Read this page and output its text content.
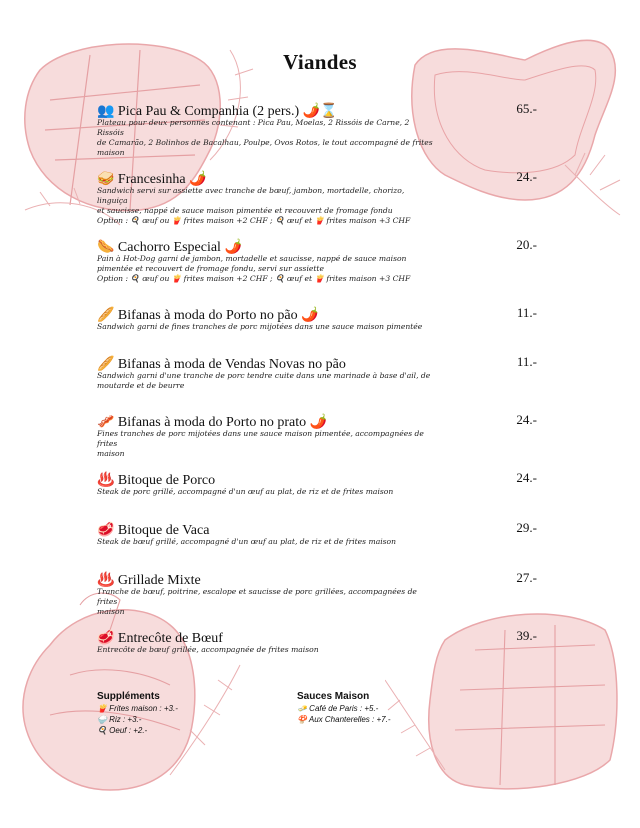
Viandes
👥 Pica Pau & Companhia (2 pers.) 🌶️⌛	65.-
Plateau pour deux personnes contenant : Pica Pau, Moelas, 2 Rissóis de Carne, 2 Rissóis
de Camarão, 2 Bolinhos de Bacalhau, Poulpe, Ovos Rotos, le tout accompagné de frites
maison
🥪 Francesinha 🌶️	24.-
Sandwich servi sur assiette avec tranche de bœuf, jambon, mortadelle, chorizo, linguiça
et saucisse, nappé de sauce maison pimentée et recouvert de fromage fondu
Option : 🍳 œuf ou 🍟 frites maison +2 CHF ; 🍳 œuf et 🍟 frites maison +3 CHF
🌭 Cachorro Especial 🌶️	20.-
Pain à Hot-Dog garni de jambon, mortadelle et saucisse, nappé de sauce maison
pimentée et recouvert de fromage fondu, servi sur assiette
Option : 🍳 œuf ou 🍟 frites maison +2 CHF ; 🍳 œuf et 🍟 frites maison +3 CHF
🥖 Bifanas à moda do Porto no pão 🌶️	11.-
Sandwich garni de fines tranches de porc mijotées dans une sauce maison pimentée
🥖 Bifanas à moda de Vendas Novas no pão	11.-
Sandwich garni d'une tranche de porc tendre cuite dans une marinade à base d'ail, de
moutarde et de beurre
🥓 Bifanas à moda do Porto no prato 🌶️	24.-
Fines tranches de porc mijotées dans une sauce maison pimentée, accompagnées de frites
maison
♨️ Bitoque de Porco	24.-
Steak de porc grillé, accompagné d'un œuf au plat, de riz et de frites maison
🥩 Bitoque de Vaca	29.-
Steak de bœuf grillé, accompagné d'un œuf au plat, de riz et de frites maison
♨️ Grillade Mixte	27.-
Tranche de bœuf, poitrine, escalope et saucisse de porc grillées, accompagnées de frites
maison
🥩 Entrecôte de Bœuf	39.-
Entrecôte de bœuf grillée, accompagnée de frites maison
Suppléments
🍟 Frites maison : +3.-
🍚 Riz : +3.-
🍳 Oeuf : +2.-
Sauces Maison
🧈 Café de Paris : +5.-
🍄 Aux Chanterelles : +7.-
